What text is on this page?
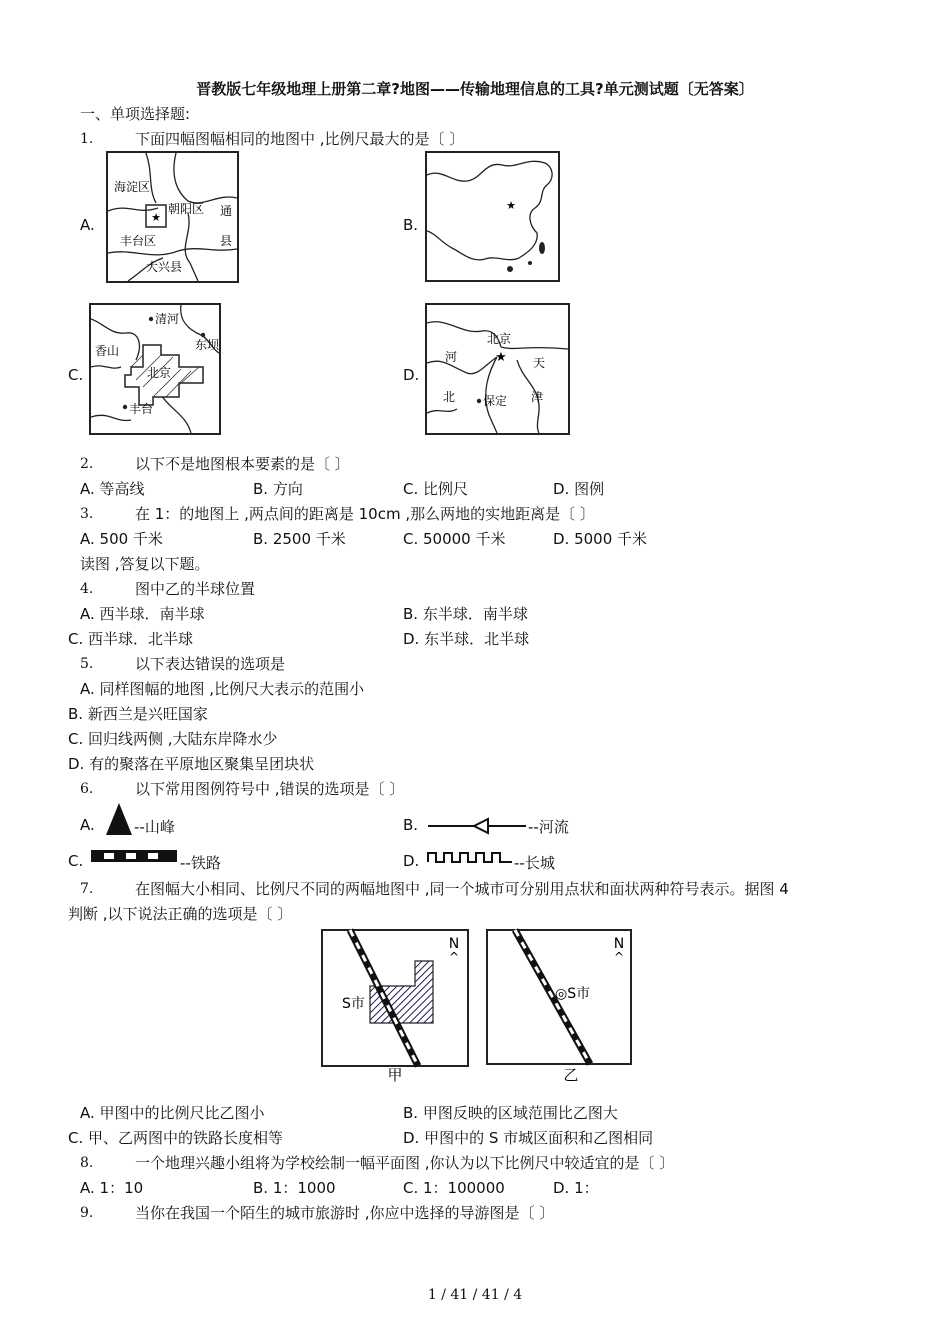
晋教版七年级地理上册第二章?地图——传输地理信息的工具?单元测试题〔无答案〕
一、单项选择题:
1.	下面四幅图幅相同的地图中 ,比例尺最大的是〔 〕
A.	★
海淀区
朝阳区
丰台区
大兴县
通
县
B.
★
C.
清河
香山	东坝
北京
丰台
D.
★
北京
河	天
北 保定 津
2.	以下不是地图根本要素的是〔 〕
A. 等高线	B. 方向	C. 比例尺	D. 图例
3.	在 1：的地图上 ,两点间的距离是 10cm ,那么两地的实地距离是〔 〕
A. 500 千米	B. 2500 千米	C. 50000 千米	D. 5000 千米
读图 ,答复以下题。
4.	图中乙的半球位置
A. 西半球．南半球	B. 东半球．南半球
C. 西半球．北半球	D. 东半球．北半球
5.	以下表达错误的选项是
A. 同样图幅的地图 ,比例尺大表示的范围小
B. 新西兰是兴旺国家
C. 回归线两侧 ,大陆东岸降水少
D. 有的聚落在平原地区聚集呈团块状
6.	以下常用图例符号中 ,错误的选项是〔 〕
A.	--山峰	B.	--河流
C.	--铁路	D.	--长城
7.	在图幅大小相同、比例尺不同的两幅地图中 ,同一个城市可分别用点状和面状两种符号表示。据图 4
判断 ,以下说法正确的选项是〔 〕
N
^
S市
甲
N
^
◎S市
乙
A. 甲图中的比例尺比乙图小	B. 甲图反映的区域范围比乙图大
C. 甲、乙两图中的铁路长度相等	D. 甲图中的 S 市城区面积和乙图相同
8.	一个地理兴趣小组将为学校绘制一幅平面图 ,你认为以下比例尺中较适宜的是〔 〕
A. 1：10	B. 1：1000	C. 1：100000	D. 1：
9.	当你在我国一个陌生的城市旅游时 ,你应中选择的导游图是〔 〕
1 / 41 / 41 / 4
